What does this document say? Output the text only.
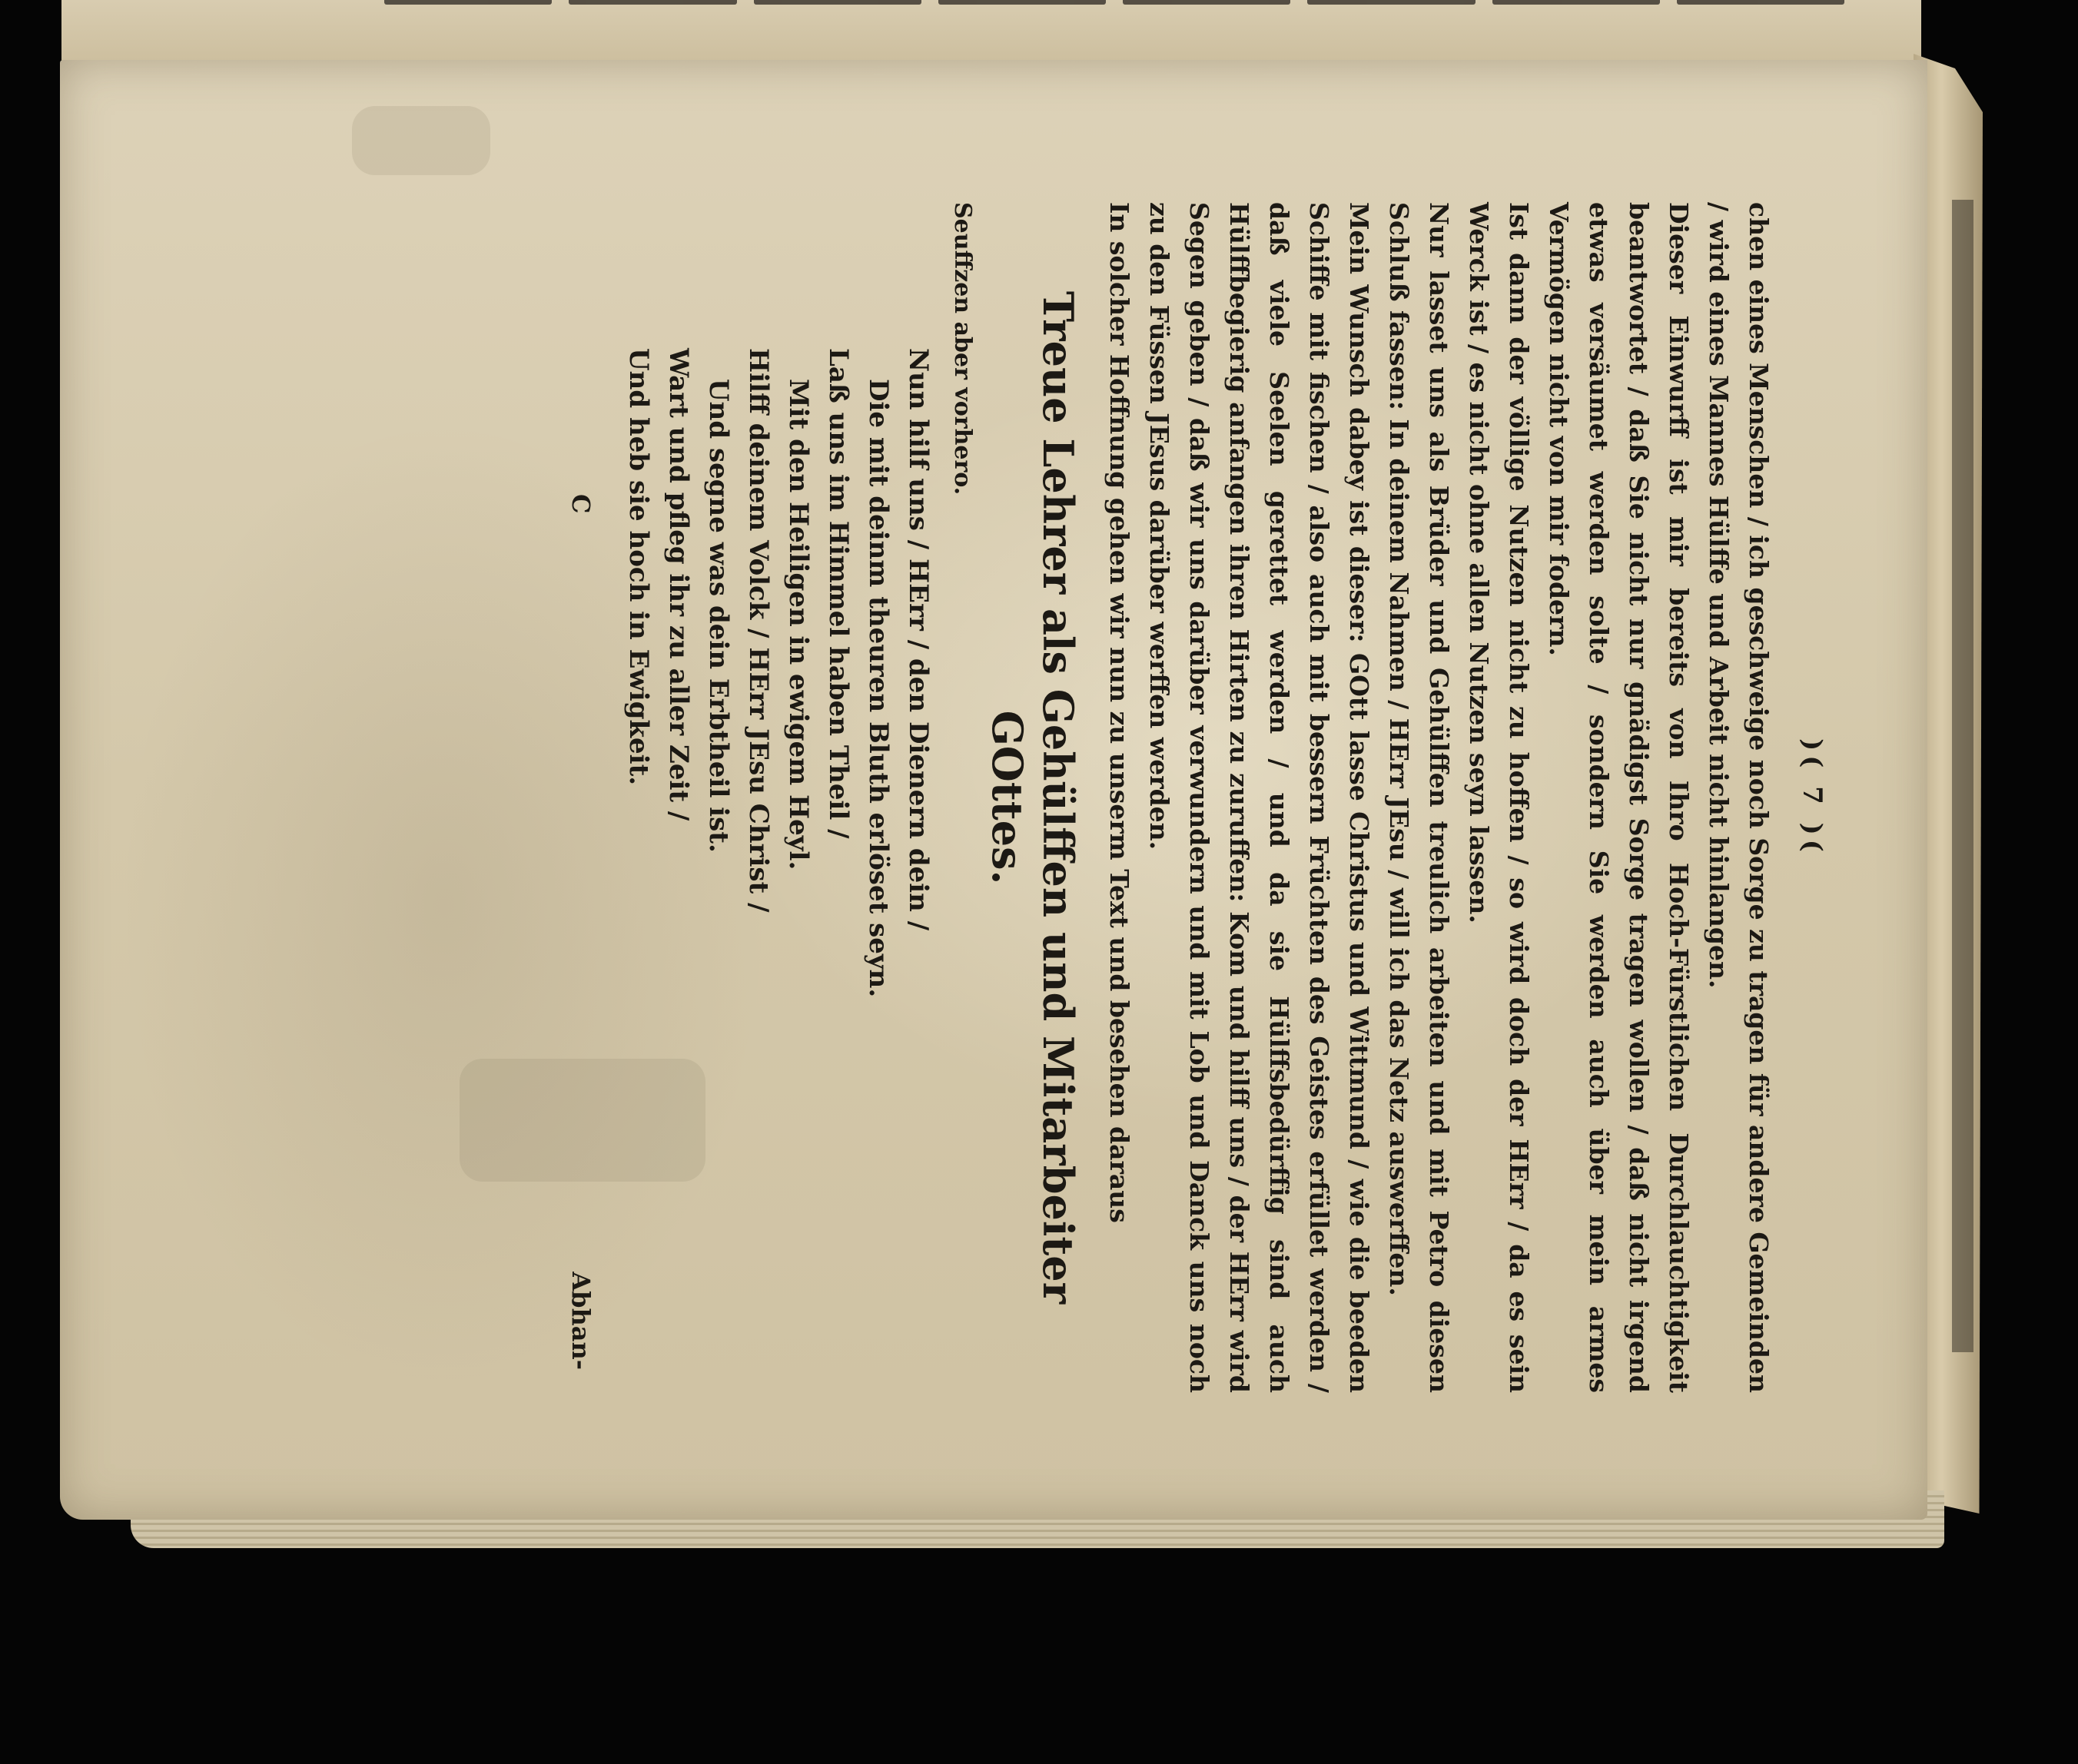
)( 7 )(

chen eines Menschen / ich geschweige noch Sorge zu tragen für andere Gemeinden / wird eines Mannes Hülffe und Arbeit nicht hinlangen.

Dieser Einwurff ist mir bereits von Ihro Hoch-Fürstlichen Durchlauchtigkeit beantwortet / daß Sie nicht nur gnädigst Sorge tragen wollen / daß nicht irgend etwas versäumet werden solte / sondern Sie werden auch über mein armes Vermögen nicht von mir fodern.

Ist dann der völlige Nutzen nicht zu hoffen / so wird doch der HErr / da es sein Werck ist / es nicht ohne allen Nutzen seyn lassen.

Nur lasset uns als Brüder und Gehülffen treulich arbeiten und mit Petro diesen Schluß fassen: In deinem Nahmen / HErr JEsu / will ich das Netz auswerffen.

Mein Wunsch dabey ist dieser: GOtt lasse Christus und Wittmund / wie die beeden Schiffe mit fischen / also auch mit bessern Früchten des Geistes erfüllet werden / daß viele Seelen gerettet werden / und da sie Hülffsbedürffig sind auch Hülffbegierig anfangen ihren Hirten zu zuruffen: Kom und hilff uns / der HErr wird Segen geben / daß wir uns darüber verwundern und mit Lob und Danck uns noch zu den Füssen JEsus darüber werffen werden.

In solcher Hoffnung gehen wir nun zu unserm Text und besehen daraus

Treue Lehrer als Gehülffen und Mitarbeiter
GOttes.
Seuffzen aber vorhero.
Nun hilf uns / HErr / den Dienern dein /
Die mit deinm theuren Bluth erlöset seyn.
Laß uns im Himmel haben Theil /
Mit den Heiligen in ewigem Heyl.
Hilff deinem Volck / HErr JEsu Christ /
Und segne was dein Erbtheil ist.
Wart und pfleg ihr zu aller Zeit /
Und heb sie hoch in Ewigkeit.
C
Abhan-
